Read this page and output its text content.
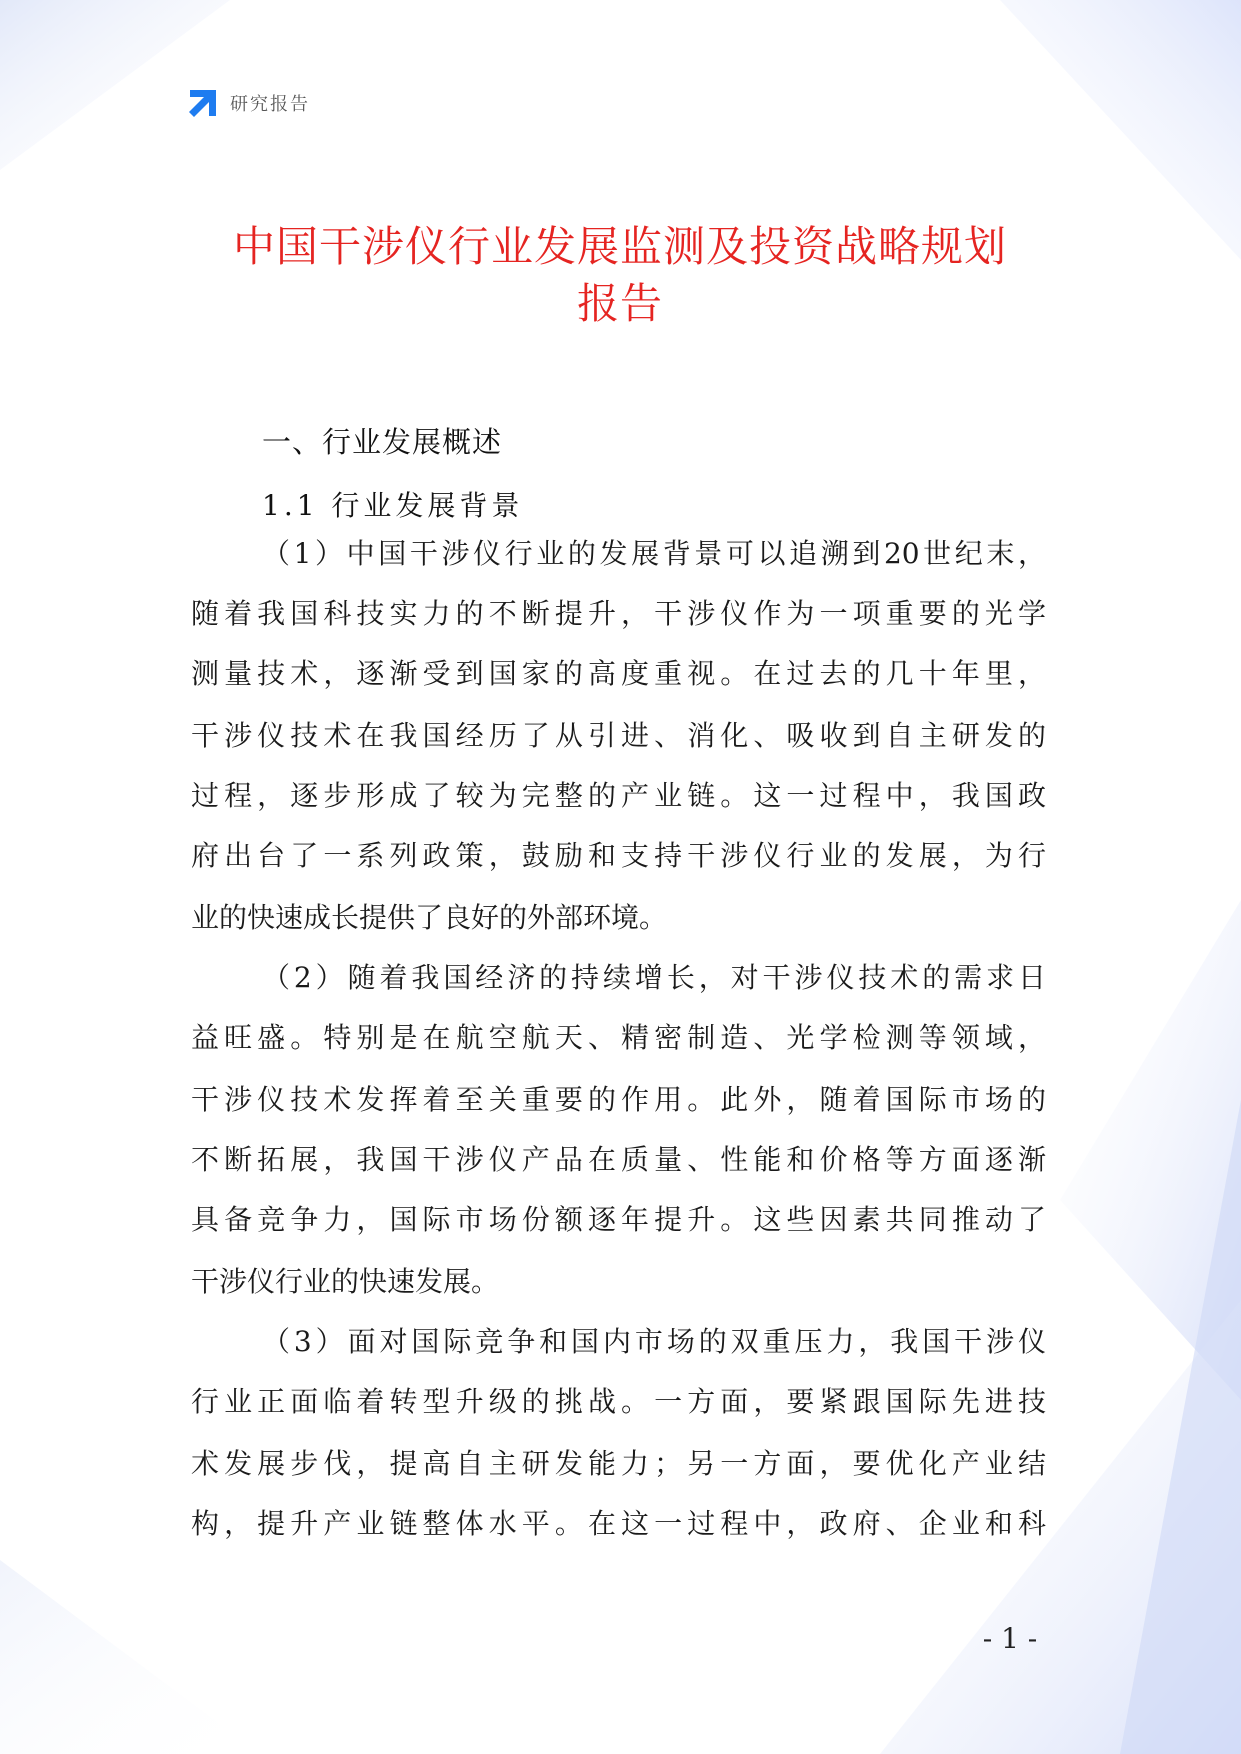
研究报告
中国干涉仪行业发展监测及投资战略规划
报告
一、行业发展概述
1.1 行业发展背景
（1）中国干涉仪行业的发展背景可以追溯到20世纪末，
随着我国科技实力的不断提升，干涉仪作为一项重要的光学
测量技术，逐渐受到国家的高度重视。在过去的几十年里，
干涉仪技术在我国经历了从引进、消化、吸收到自主研发的
过程，逐步形成了较为完整的产业链。这一过程中，我国政
府出台了一系列政策，鼓励和支持干涉仪行业的发展，为行
业的快速成长提供了良好的外部环境。
（2）随着我国经济的持续增长，对干涉仪技术的需求日
益旺盛。特别是在航空航天、精密制造、光学检测等领域，
干涉仪技术发挥着至关重要的作用。此外，随着国际市场的
不断拓展，我国干涉仪产品在质量、性能和价格等方面逐渐
具备竞争力，国际市场份额逐年提升。这些因素共同推动了
干涉仪行业的快速发展。
（3）面对国际竞争和国内市场的双重压力，我国干涉仪
行业正面临着转型升级的挑战。一方面，要紧跟国际先进技
术发展步伐，提高自主研发能力；另一方面，要优化产业结
构，提升产业链整体水平。在这一过程中，政府、企业和科
- 1 -
